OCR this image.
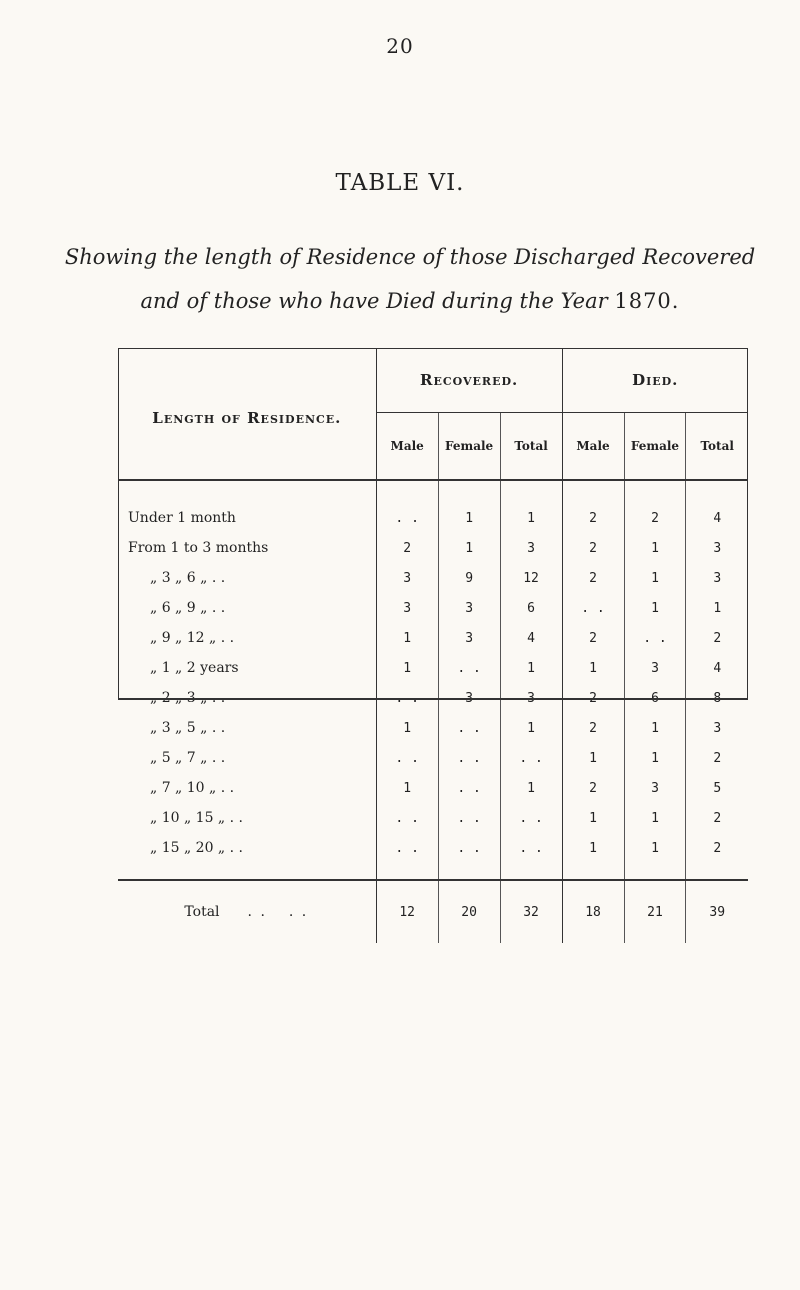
20
TABLE VI.
Showing the length of Residence of those Discharged Recovered
and of those who have Died during the Year 1870.
Length of Residence.	Recovered.			Died.		
	Male	Female	Total	Male	Female	Total

Under 1 month	. .	1	1	2	2	4
From 1 to 3 months	2	1	3	2	1	3
„ 3 „ 6 „ . .	3	9	12	2	1	3
„ 6 „ 9 „ . .	3	3	6	. .	1	1
„ 9 „ 12 „ . .	1	3	4	2	. .	2
„ 1 „ 2 years	1	. .	1	1	3	4
„ 2 „ 3 „ . .	. .	3	3	2	6	8
„ 3 „ 5 „ . .	1	. .	1	2	1	3
„ 5 „ 7 „ . .	. .	. .	. .	1	1	2
„ 7 „ 10 „ . .	1	. .	1	2	3	5
„ 10 „ 15 „ . .	. .	. .	. .	1	1	2
„ 15 „ 20 „ . .	. .	. .	. .	1	1	2

Total . . . .	12	20	32	18	21	39
